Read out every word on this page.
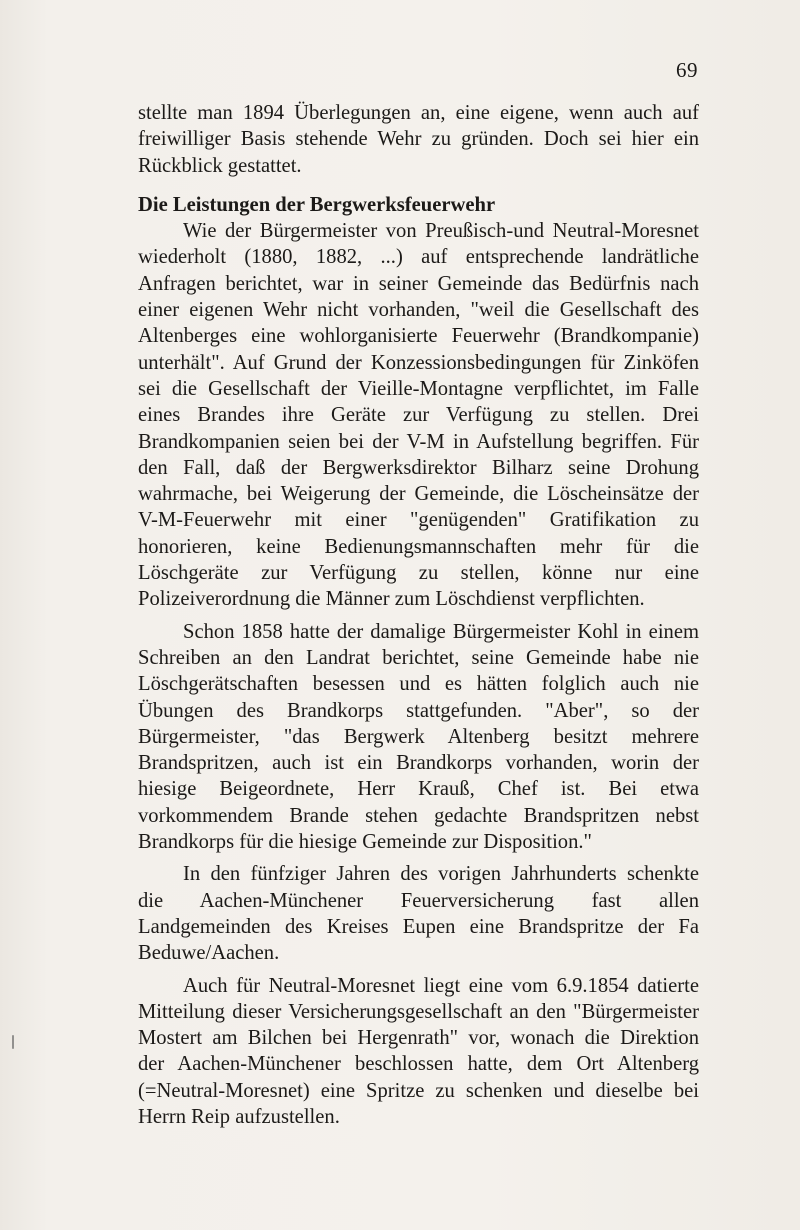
69
stellte man 1894 Überlegungen an, eine eigene, wenn auch auf
freiwilliger Basis stehende Wehr zu gründen. Doch sei hier ein
Rückblick gestattet.
Die Leistungen der Bergwerksfeuerwehr
Wie der Bürgermeister von Preußisch-und Neutral-Moresnet
wiederholt (1880, 1882, ...) auf entsprechende landrätliche
Anfragen berichtet, war in seiner Gemeinde das Bedürfnis nach
einer eigenen Wehr nicht vorhanden, "weil die Gesellschaft des
Altenberges eine wohlorganisierte Feuerwehr (Brandkompanie)
unterhält". Auf Grund der Konzessionsbedingungen für Zinköfen
sei die Gesellschaft der Vieille-Montagne verpflichtet, im Falle
eines Brandes ihre Geräte zur Verfügung zu stellen. Drei
Brandkompanien seien bei der V-M in Aufstellung begriffen. Für
den Fall, daß der Bergwerksdirektor Bilharz seine Drohung
wahrmache, bei Weigerung der Gemeinde, die Löscheinsätze der
V-M-Feuerwehr mit einer "genügenden" Gratifikation zu
honorieren, keine Bedienungsmannschaften mehr für die
Löschgeräte zur Verfügung zu stellen, könne nur eine
Polizeiverordnung die Männer zum Löschdienst verpflichten.
Schon 1858 hatte der damalige Bürgermeister Kohl in einem
Schreiben an den Landrat berichtet, seine Gemeinde habe nie
Löschgerätschaften besessen und es hätten folglich auch nie
Übungen des Brandkorps stattgefunden. "Aber", so der
Bürgermeister, "das Bergwerk Altenberg besitzt mehrere
Brandspritzen, auch ist ein Brandkorps vorhanden, worin der
hiesige Beigeordnete, Herr Krauß, Chef ist. Bei etwa
vorkommendem Brande stehen gedachte Brandspritzen nebst
Brandkorps für die hiesige Gemeinde zur Disposition."
In den fünfziger Jahren des vorigen Jahrhunderts schenkte
die Aachen-Münchener Feuerversicherung fast allen
Landgemeinden des Kreises Eupen eine Brandspritze der Fa
Beduwe/Aachen.
Auch für Neutral-Moresnet liegt eine vom 6.9.1854 datierte
Mitteilung dieser Versicherungsgesellschaft an den "Bürgermeister
Mostert am Bilchen bei Hergenrath" vor, wonach die Direktion
der Aachen-Münchener beschlossen hatte, dem Ort Altenberg
(=Neutral-Moresnet) eine Spritze zu schenken und dieselbe bei
Herrn Reip aufzustellen.
